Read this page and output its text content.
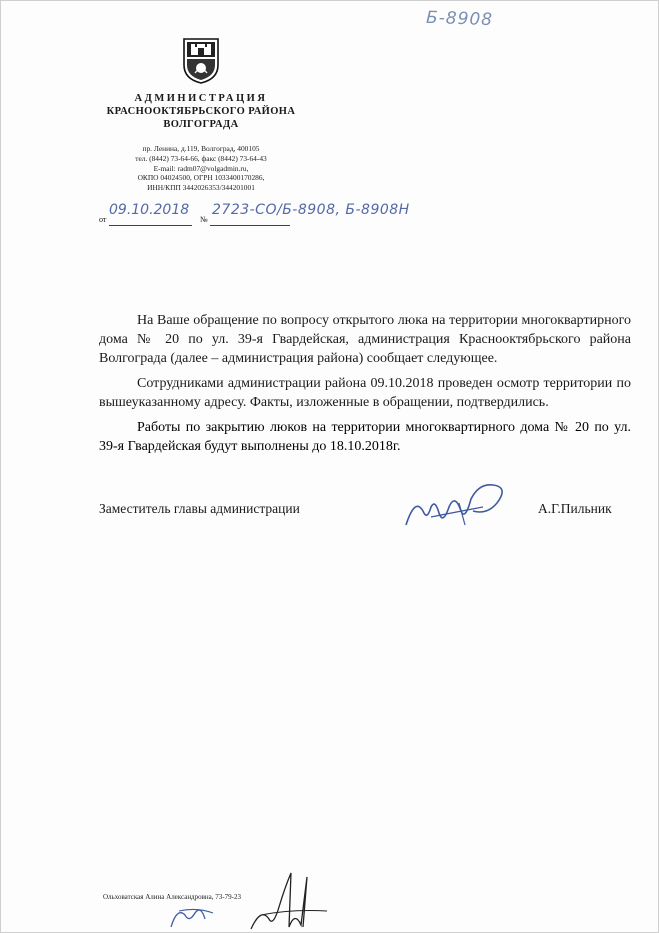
Б-8908
АДМИНИСТРАЦИЯ
КРАСНООКТЯБРЬСКОГО РАЙОНА
ВОЛГОГРАДА
пр. Ленина, д.119, Волгоград, 400105
тел. (8442) 73-64-66, факс (8442) 73-64-43
E-mail: radm07@volgadmin.ru,
ОКПО 04024500, ОГРН 1033400170286,
ИНН/КПП 3442026353/344201001
от
09.10.2018
№
2723-СО/Б-8908, Б-8908Н

На Ваше обращение по вопросу открытого люка на территории многоквартирного дома № 20 по ул. 39-я Гвардейская, администрация Краснооктябрьского района Волгограда (далее – администрация района) сообщает следующее.

Сотрудниками администрации района 09.10.2018 проведен осмотр территории по вышеуказанному адресу. Факты, изложенные в обращении, подтвердились.

Работы по закрытию люков на территории многоквартирного дома № 20 по ул. 39-я Гвардейская будут выполнены до 18.10.2018г.

Заместитель главы администрации	А.Г.Пильник
Ольховатская Алина Александровна, 73-79-23
